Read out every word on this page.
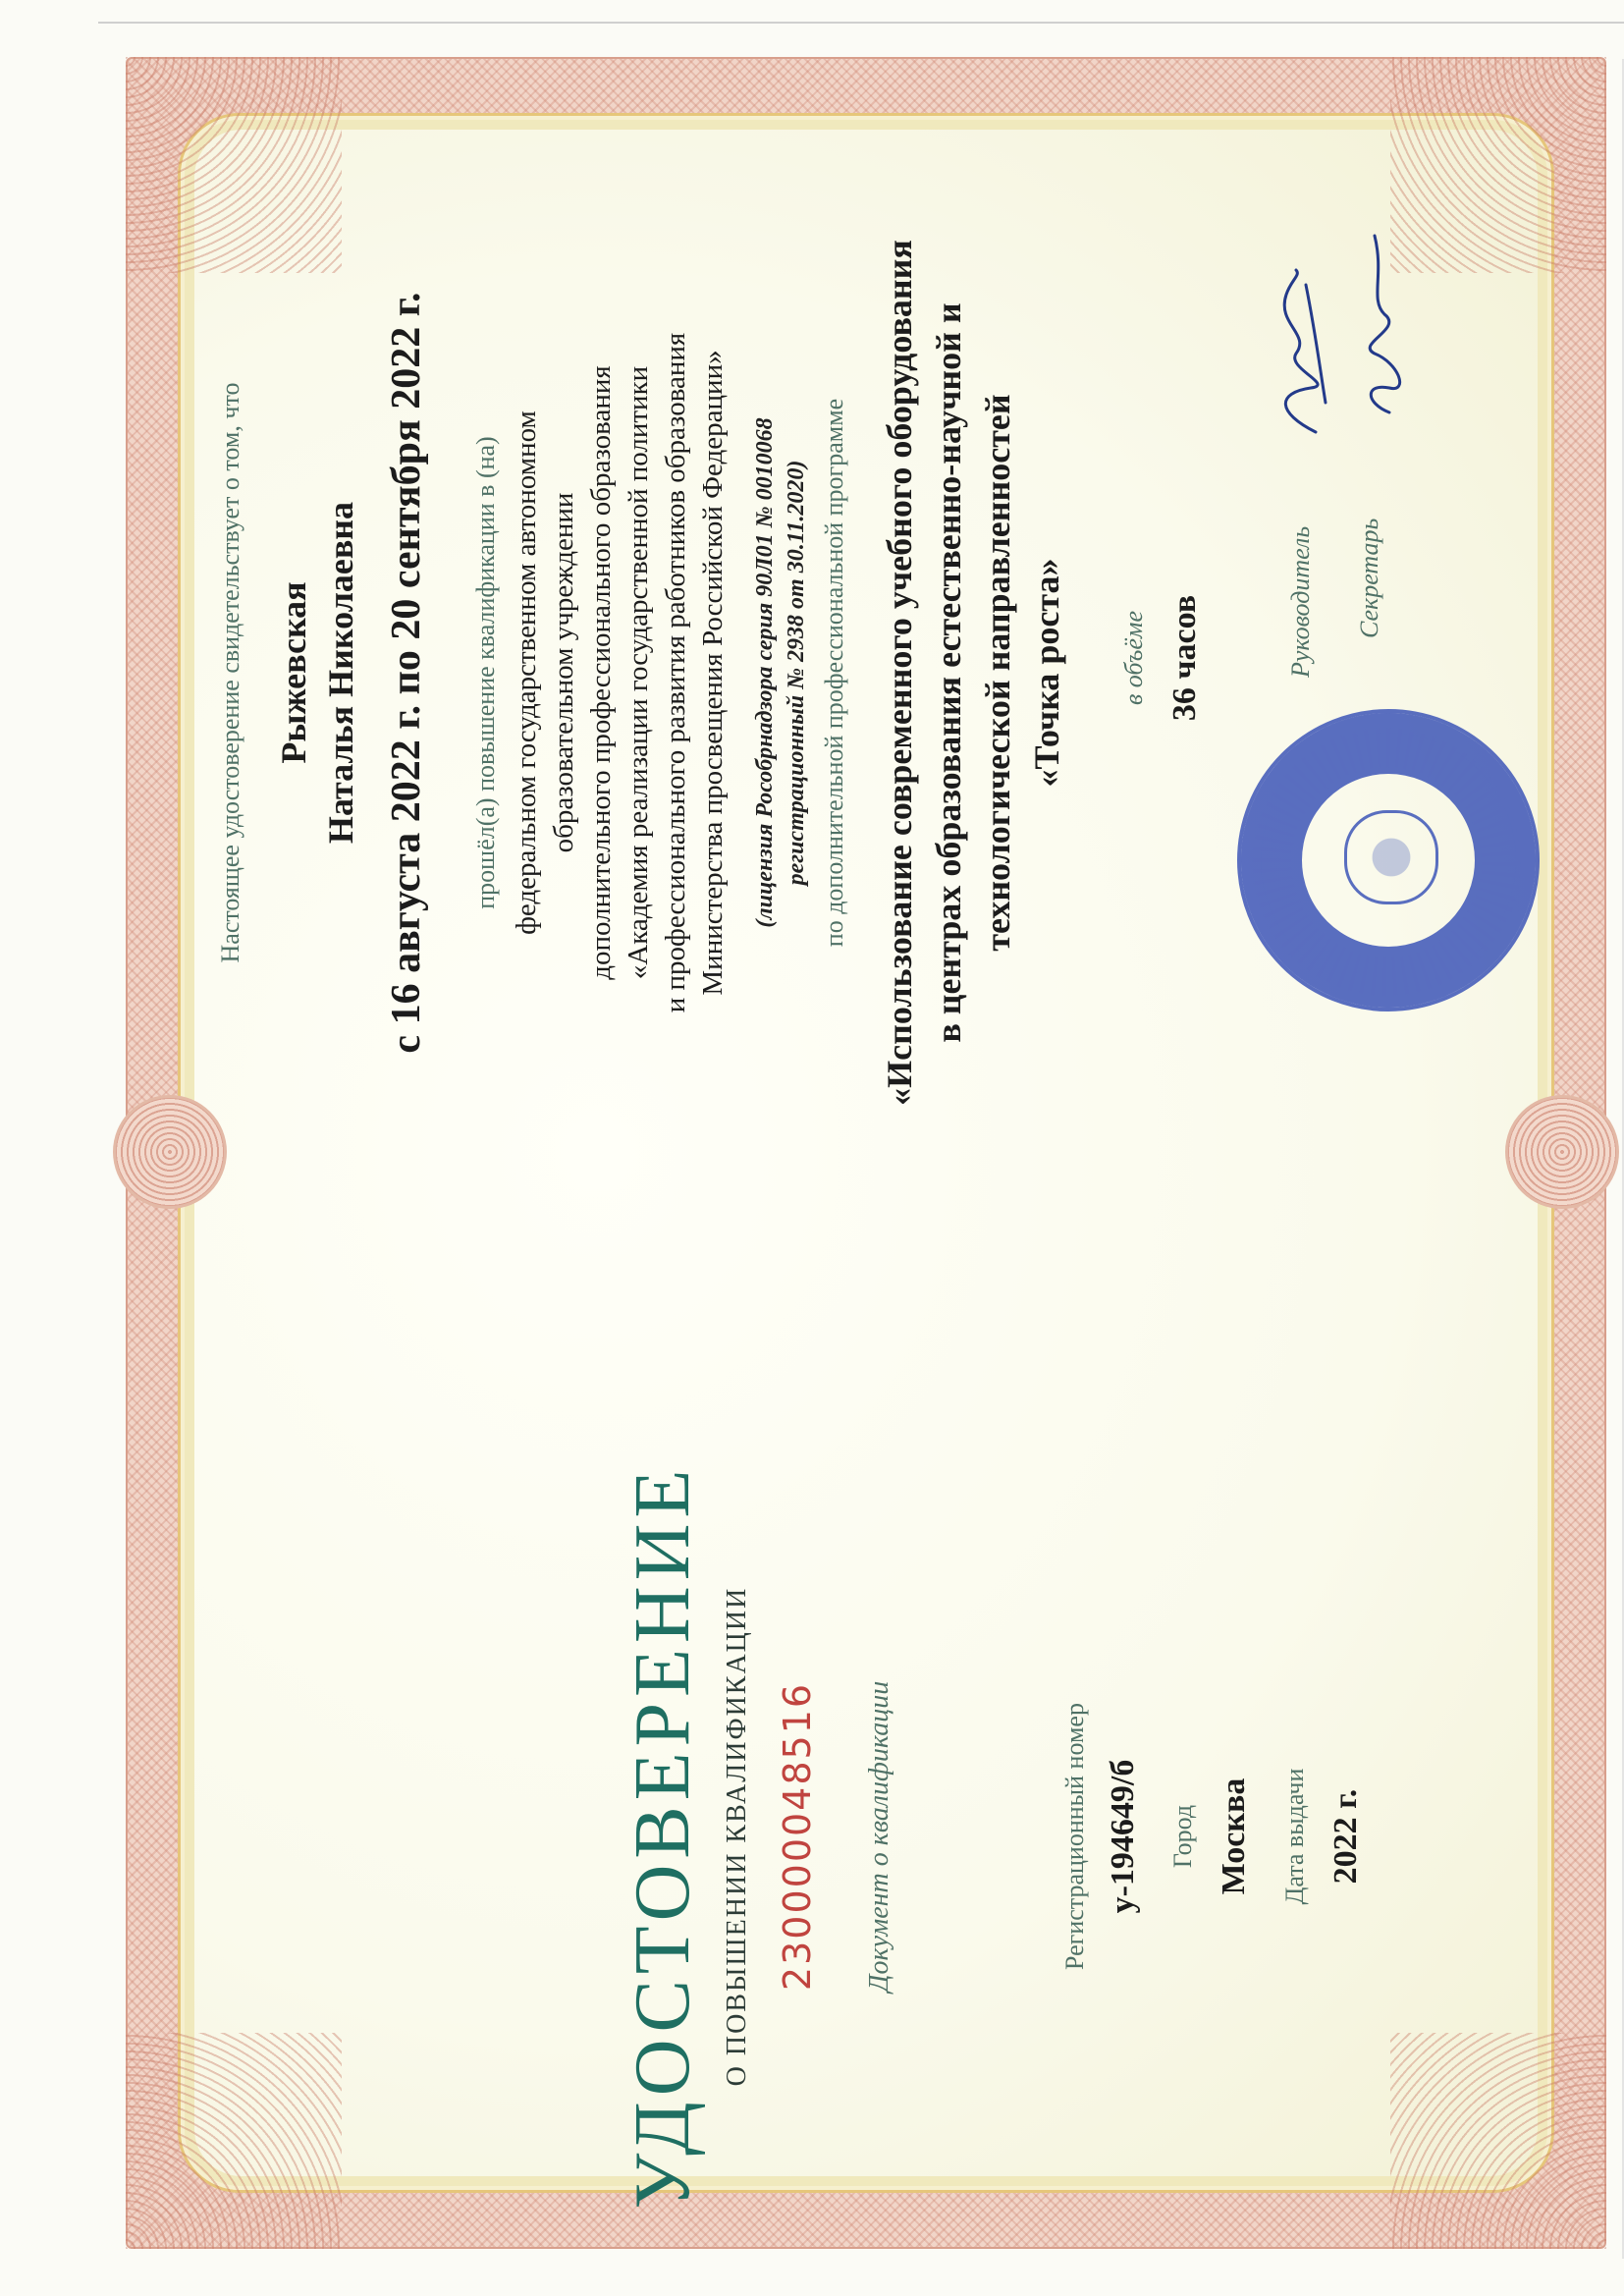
УДОСТОВЕРЕНИЕ О ПОВЫШЕНИИ КВАЛИФИКАЦИИ 230000048516 Документ о квалификации	Регистрационный номер у-194649/б Город Москва Дата выдачи 2022 г.
Настоящее удостоверение свидетельствует о том, что Рыжевская Наталья Николаевна с 16 августа 2022 г. по 20 сентября 2022 г. прошёл(а) повышение квалификации в (на) федеральном государственном автономном образовательном учреждении дополнительного профессионального образования «Академия реализации государственной политики и профессионального развития работников образования Министерства просвещения Российской Федерации» (лицензия Рособрнадзора серия 90Л01 № 0010068 регистрационный № 2938 от 30.11.2020) по дополнительной профессиональной программе «Использование современного учебного оборудования в центрах образования естественно-научной и технологической направленностей «Точка роста» в объёме 36 часов	Руководитель Секретарь
